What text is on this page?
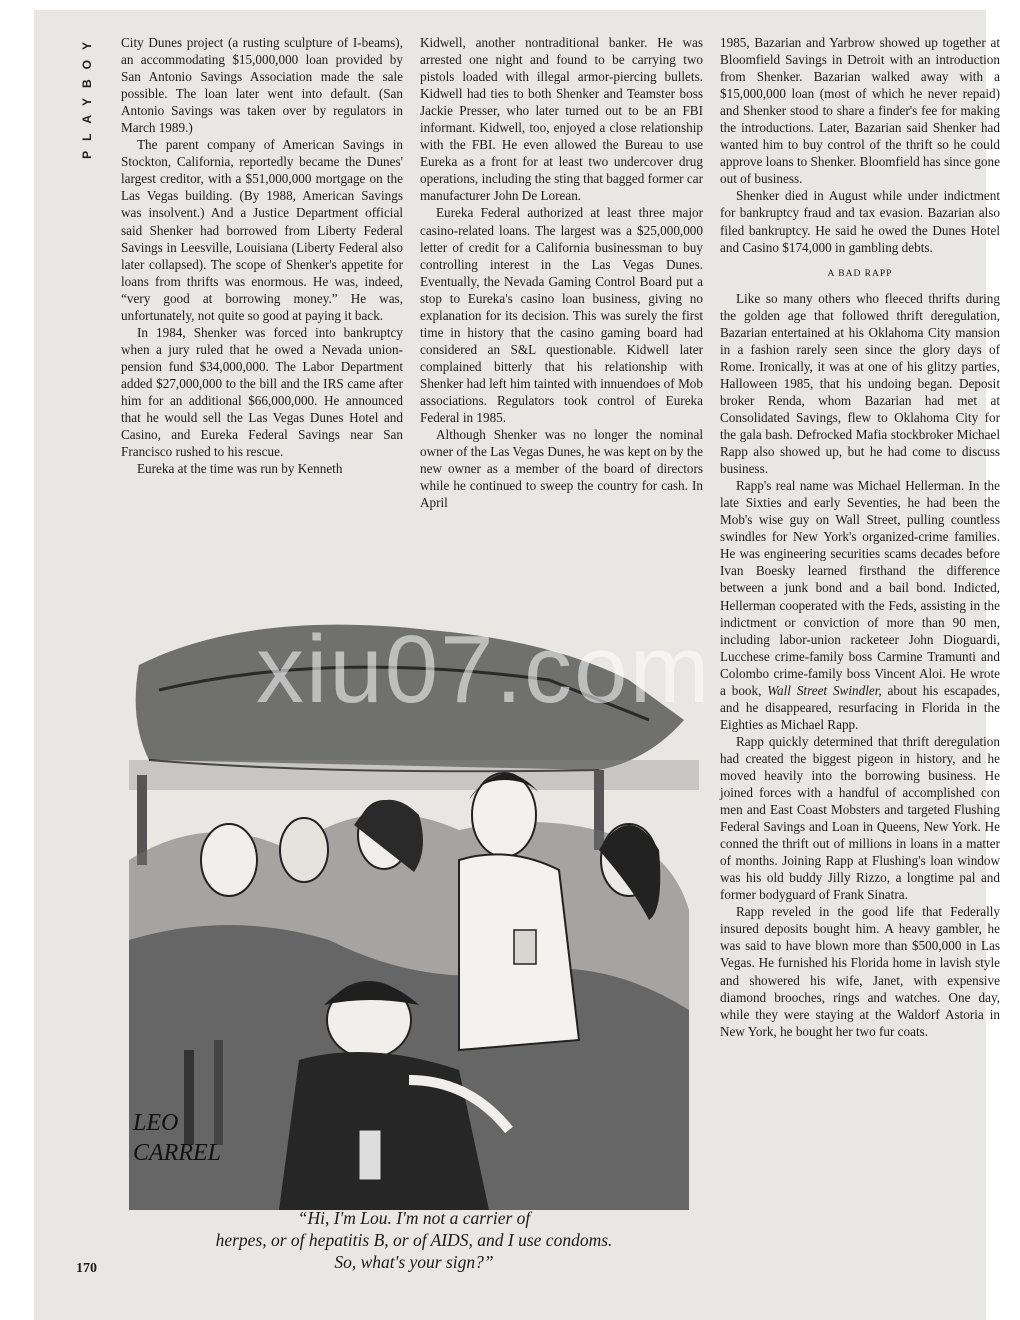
PLAYBOY	City Dunes project (a rusting sculpture of I-beams), an accommodating $15,000,000 loan provided by San Antonio Savings Association made the sale possible. The loan later went into default. (San Antonio Savings was taken over by regulators in March 1989.)

The parent company of American Savings in Stockton, California, reportedly became the Dunes' largest creditor, with a $51,000,000 mortgage on the Las Vegas building. (By 1988, American Savings was insolvent.) And a Justice Department official said Shenker had borrowed from Liberty Federal Savings in Leesville, Louisiana (Liberty Federal also later collapsed). The scope of Shenker's appetite for loans from thrifts was enormous. He was, indeed, “very good at borrowing money.” He was, unfortunately, not quite so good at paying it back.

In 1984, Shenker was forced into bankruptcy when a jury ruled that he owed a Nevada union-pension fund $34,000,000. The Labor Department added $27,000,000 to the bill and the IRS came after him for an additional $66,000,000. He announced that he would sell the Las Vegas Dunes Hotel and Casino, and Eureka Federal Savings near San Francisco rushed to his rescue.

Eureka at the time was run by Kenneth

Kidwell, another nontraditional banker. He was arrested one night and found to be carrying two pistols loaded with illegal armor-piercing bullets. Kidwell had ties to both Shenker and Teamster boss Jackie Presser, who later turned out to be an FBI informant. Kidwell, too, enjoyed a close relationship with the FBI. He even allowed the Bureau to use Eureka as a front for at least two undercover drug operations, including the sting that bagged former car manufacturer John De Lorean.

Eureka Federal authorized at least three major casino-related loans. The largest was a $25,000,000 letter of credit for a California businessman to buy controlling interest in the Las Vegas Dunes. Eventually, the Nevada Gaming Control Board put a stop to Eureka's casino loan business, giving no explanation for its decision. This was surely the first time in history that the casino gaming board had considered an S&L questionable. Kidwell later complained bitterly that his relationship with Shenker had left him tainted with innuendoes of Mob associations. Regulators took control of Eureka Federal in 1985.

Although Shenker was no longer the nominal owner of the Las Vegas Dunes, he was kept on by the new owner as a member of the board of directors while he continued to sweep the country for cash. In April

1985, Bazarian and Yarbrow showed up together at Bloomfield Savings in Detroit with an introduction from Shenker. Bazarian walked away with a $15,000,000 loan (most of which he never repaid) and Shenker stood to share a finder's fee for making the introductions. Later, Bazarian said Shenker had wanted him to buy control of the thrift so he could approve loans to Shenker. Bloomfield has since gone out of business.

Shenker died in August while under indictment for bankruptcy fraud and tax evasion. Bazarian also filed bankruptcy. He said he owed the Dunes Hotel and Casino $174,000 in gambling debts.

A BAD RAPP

Like so many others who fleeced thrifts during the golden age that followed thrift deregulation, Bazarian entertained at his Oklahoma City mansion in a fashion rarely seen since the glory days of Rome. Ironically, it was at one of his glitzy parties, Halloween 1985, that his undoing began. Deposit broker Renda, whom Bazarian had met at Consolidated Savings, flew to Oklahoma City for the gala bash. Defrocked Mafia stockbroker Michael Rapp also showed up, but he had come to discuss business.

Rapp's real name was Michael Hellerman. In the late Sixties and early Seventies, he had been the Mob's wise guy on Wall Street, pulling countless swindles for New York's organized-crime families. He was engineering securities scams decades before Ivan Boesky learned firsthand the difference between a junk bond and a bail bond. Indicted, Hellerman cooperated with the Feds, assisting in the indictment or conviction of more than 90 men, including labor-union racketeer John Dioguardi, Lucchese crime-family boss Carmine Tramunti and Colombo crime-family boss Vincent Aloi. He wrote a book, Wall Street Swindler, about his escapades, and he disappeared, resurfacing in Florida in the Eighties as Michael Rapp.

Rapp quickly determined that thrift deregulation had created the biggest pigeon in history, and he moved heavily into the borrowing business. He joined forces with a handful of accomplished con men and East Coast Mobsters and targeted Flushing Federal Savings and Loan in Queens, New York. He conned the thrift out of millions in loans in a matter of months. Joining Rapp at Flushing's loan window was his old buddy Jilly Rizzo, a longtime pal and former bodyguard of Frank Sinatra.

Rapp reveled in the good life that Federally insured deposits bought him. A heavy gambler, he was said to have blown more than $500,000 in Las Vegas. He furnished his Florida home in lavish style and showered his wife, Janet, with expensive diamond brooches, rings and watches. One day, while they were staying at the Waldorf Astoria in New York, he bought her two fur coats.

LEO
CARREL
xiu07.com
“Hi, I'm Lou. I'm not a carrier of
herpes, or of hepatitis B, or of AIDS, and I use condoms.
So, what's your sign?”
170
